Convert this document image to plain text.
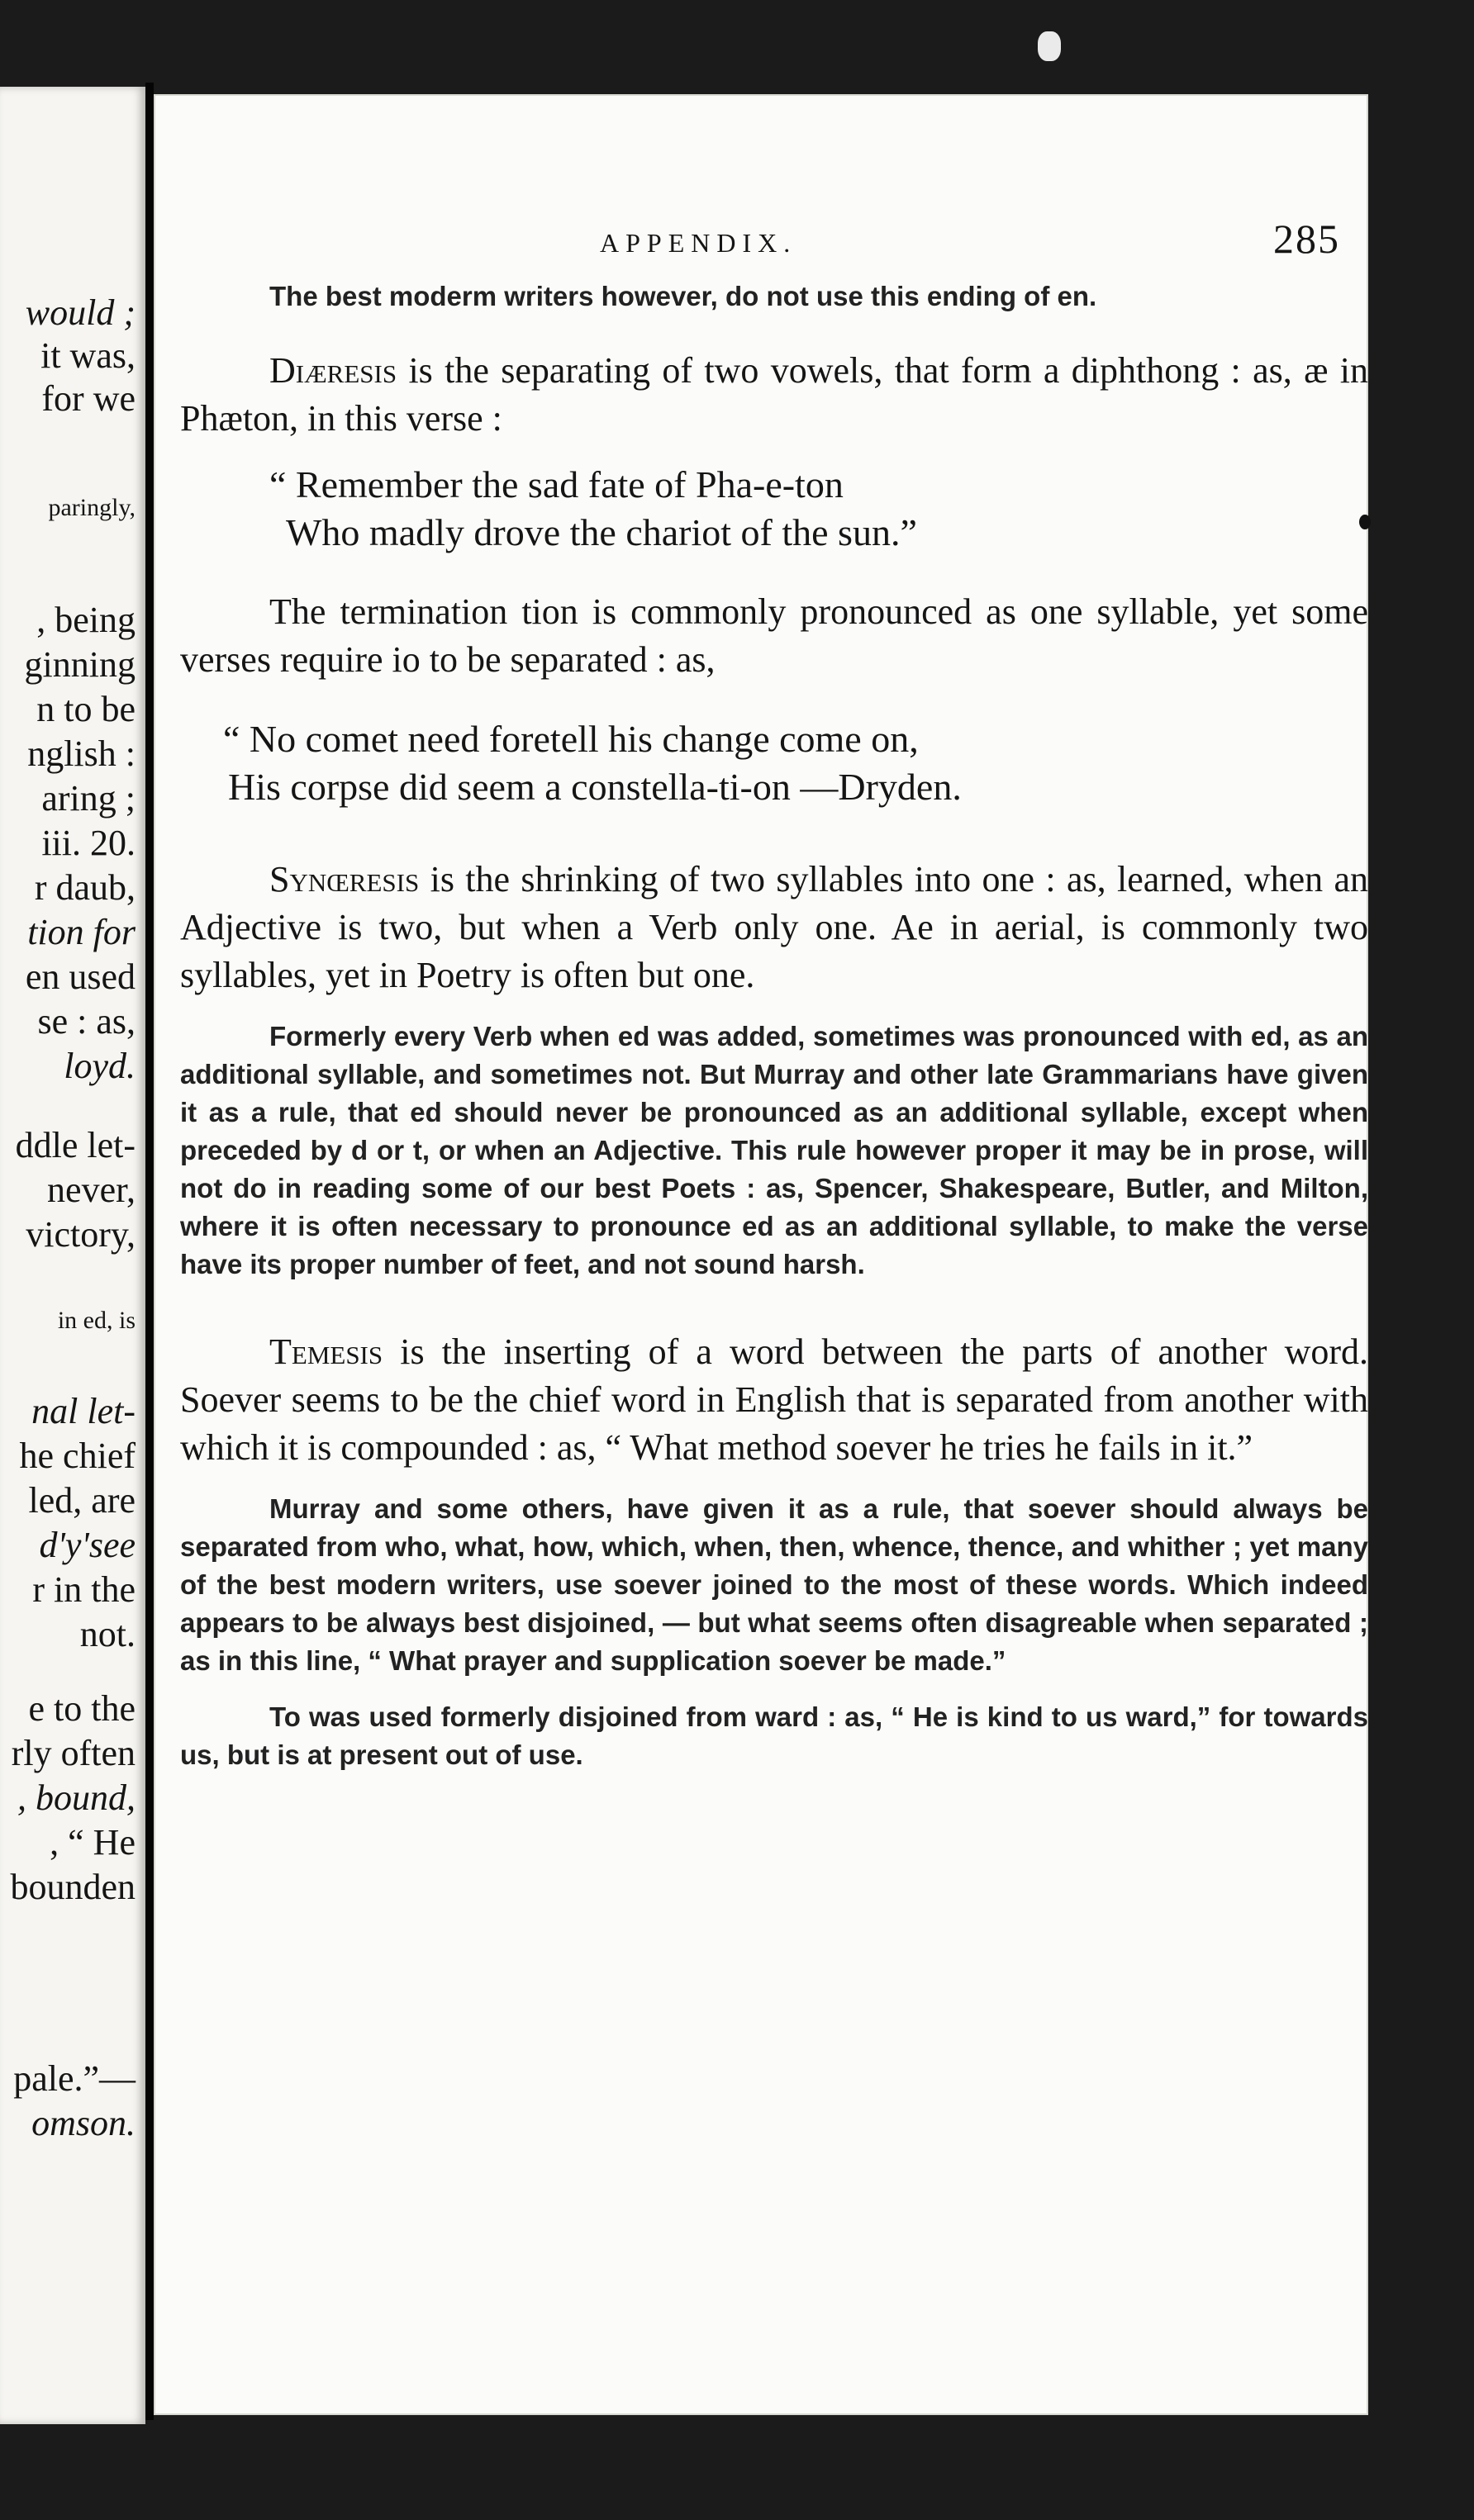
would ;
it was,
for we
paringly,
, being
ginning
n to be
nglish :
aring ;
iii. 20.
r daub,
tion for
en used
se : as,
loyd.
ddle let-
never,
victory,
in ed, is
nal let-
he chief
led, are
d'y'see
r in the
not.
e to the
rly often
, bound,
, “ He
bounden
pale.”—
omson.
APPENDIX.	285

The best moderm writers however, do not use this ending of en.

Diæresis is the separating of two vowels, that form a diphthong : as, æ in Phæton, in this verse :

“ Remember the sad fate of Pha-e-ton
Who madly drove the chariot of the sun.”

The termination tion is commonly pronounced as one syllable, yet some verses require io to be separated : as,

“ No comet need foretell his change come on,
His corpse did seem a constella-ti-on —Dryden.

Synœresis is the shrinking of two syllables into one : as, learned, when an Adjective is two, but when a Verb only one. Ae in aerial, is commonly two syllables, yet in Poetry is often but one.

Formerly every Verb when ed was added, sometimes was pronounced with ed, as an additional syllable, and sometimes not. But Murray and other late Grammarians have given it as a rule, that ed should never be pronounced as an additional syllable, except when preceded by d or t, or when an Adjective. This rule however proper it may be in prose, will not do in reading some of our best Poets : as, Spencer, Shakespeare, Butler, and Milton, where it is often necessary to pronounce ed as an additional syllable, to make the verse have its proper number of feet, and not sound harsh.

Temesis is the inserting of a word between the parts of another word. Soever seems to be the chief word in English that is separated from another with which it is compounded : as, “ What method soever he tries he fails in it.”

Murray and some others, have given it as a rule, that soever should always be separated from who, what, how, which, when, then, whence, thence, and whither ; yet many of the best modern writers, use soever joined to the most of these words. Which indeed appears to be always best disjoined, — but what seems often disagreable when separated ; as in this line, “ What prayer and supplication soever be made.”

To was used formerly disjoined from ward : as, “ He is kind to us ward,” for towards us, but is at present out of use.
